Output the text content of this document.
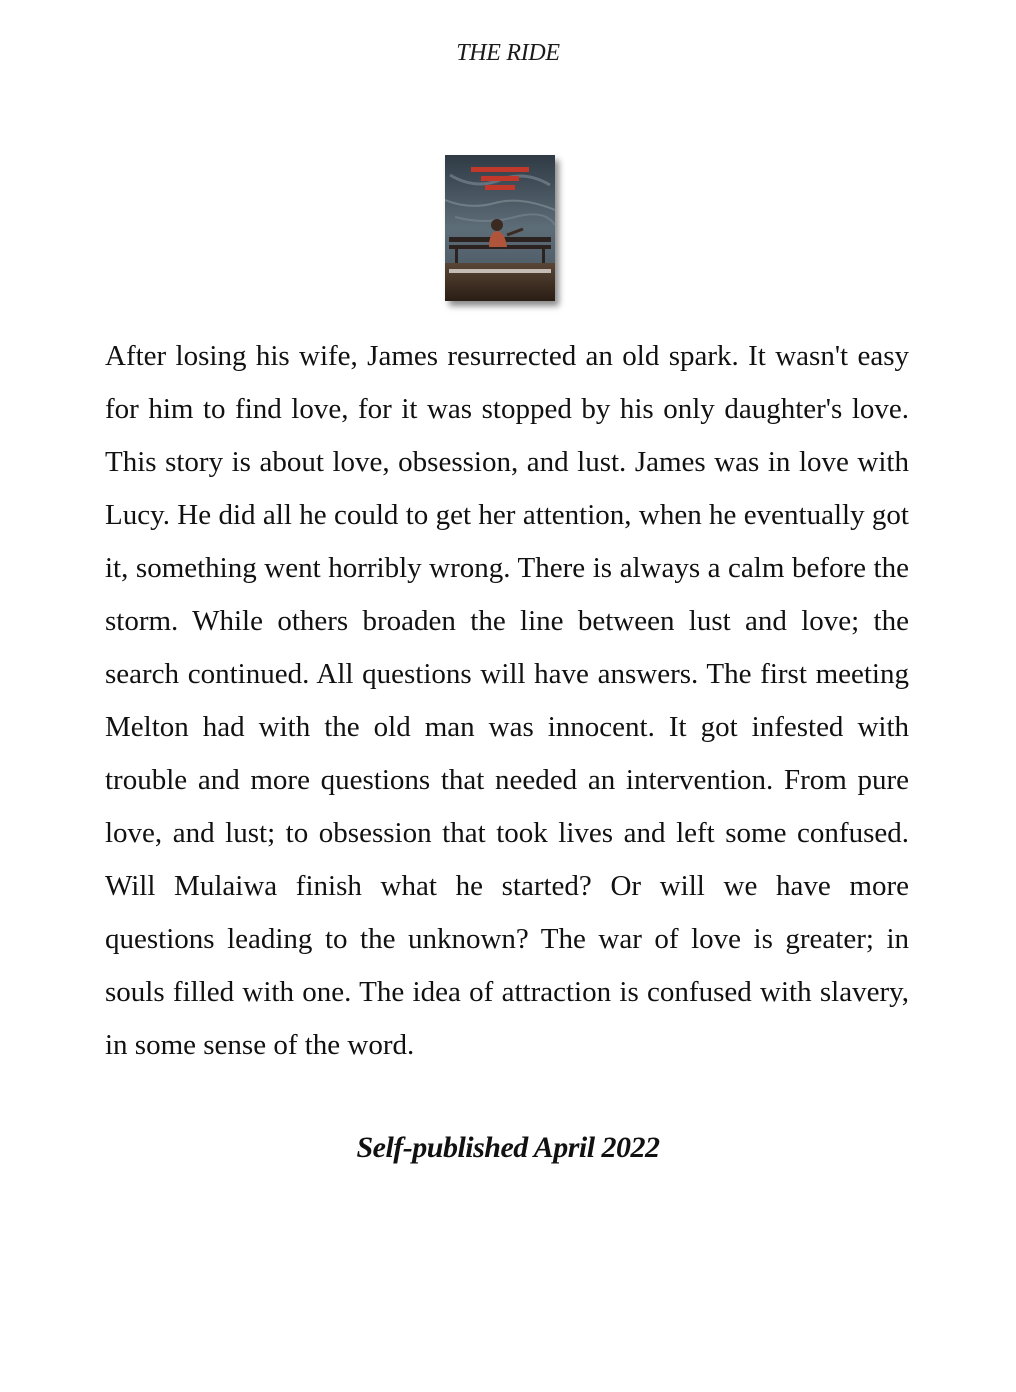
THE RIDE

After losing his wife, James resurrected an old spark. It wasn't easy for him to find love, for it was stopped by his only daughter's love. This story is about love, obsession, and lust. James was in love with Lucy. He did all he could to get her attention, when he eventually got it, something went horribly wrong. There is always a calm before the storm. While others broaden the line between lust and love; the search continued. All questions will have answers. The first meeting Melton had with the old man was innocent. It got infested with trouble and more questions that needed an intervention. From pure love, and lust; to obsession that took lives and left some confused. Will Mulaiwa finish what he started? Or will we have more questions leading to the unknown? The war of love is greater; in souls filled with one. The idea of attraction is confused with slavery, in some sense of the word.

Self-published April 2022
